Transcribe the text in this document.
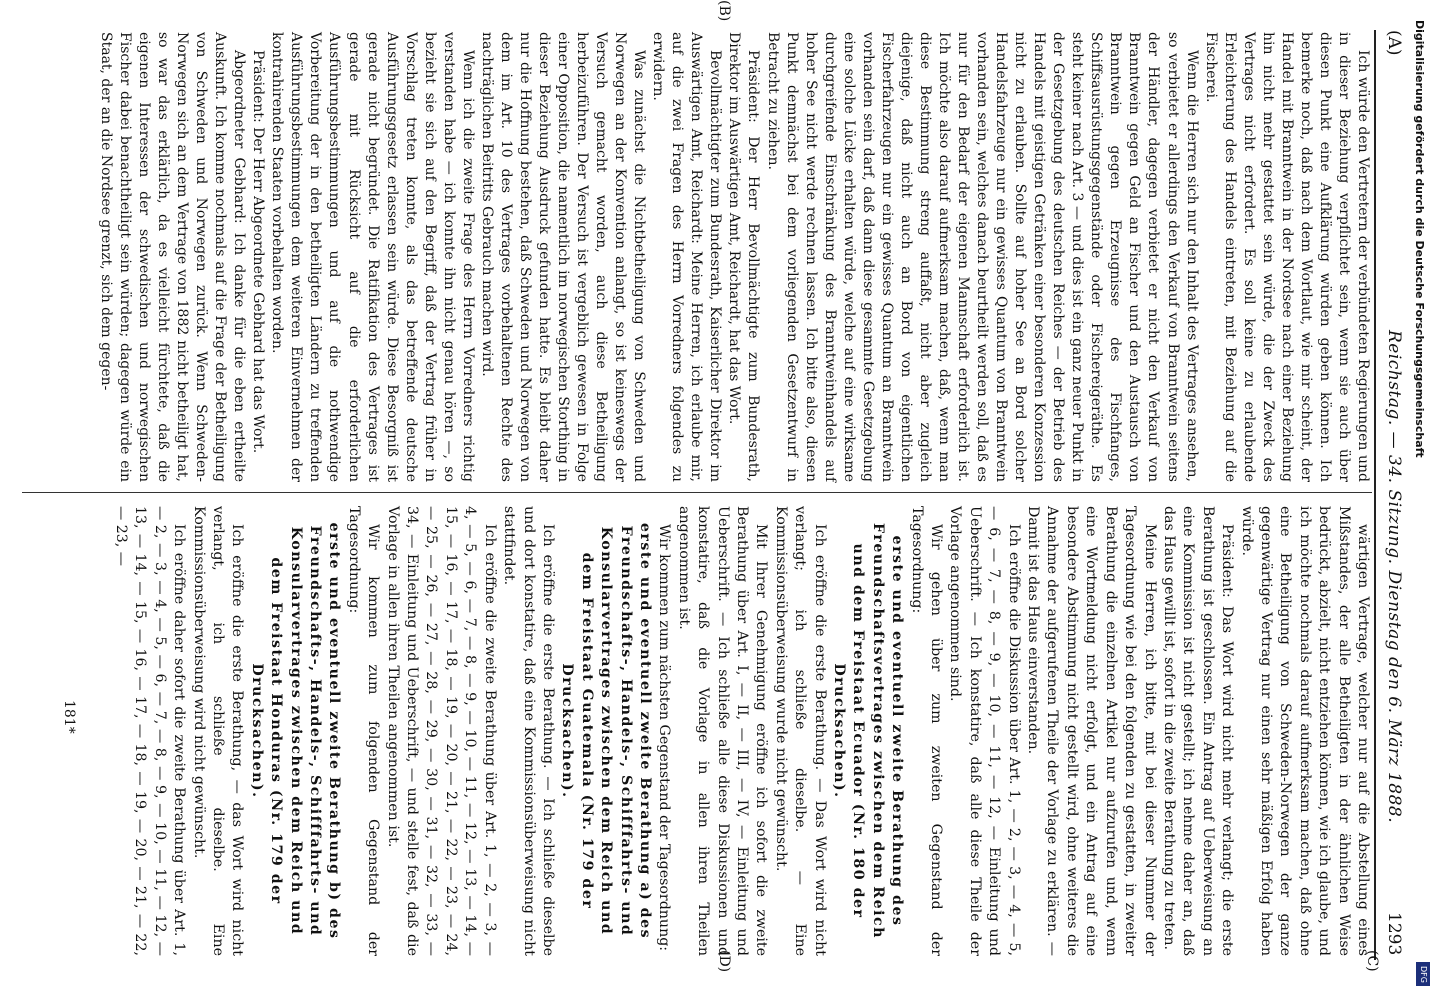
(A)
Reichstag. — 34. Sitzung. Dienstag den 6. März 1888.
1293
(B)
(C)
(D)

Ich würde den Vertretern der verbündeten Regierungen und in dieser Beziehung verpflichtet sein, wenn sie auch über diesen Punkt eine Aufklärung würden geben können. Ich bemerke noch, daß nach dem Wortlaut, wie mir scheint, der Handel mit Branntwein in der Nordsee nach einer Beziehung hin nicht mehr gestattet sein würde, die der Zweck des Vertrages nicht erfordert. Es soll keine zu erlaubende Erleichterung des Handels eintreten, mit Beziehung auf die Fischerei.

Wenn die Herren sich nur den Inhalt des Vertrages ansehen, so verbietet er allerdings den Verkauf von Branntwein seitens der Händler, dagegen verbietet er nicht den Verkauf von Branntwein gegen Geld an Fischer und den Austausch von Branntwein gegen Erzeugnisse des Fischfanges, Schiffsausrüstungsgegenstände oder Fischereigeräthe. Es steht keiner nach Art. 3 — und dies ist ein ganz neuer Punkt in der Gesetzgebung des deutschen Reiches — der Betrieb des Handels mit geistigen Getränken einer besonderen Konzession nicht zu erlauben. Sollte auf hoher See an Bord solcher Handelsfahrzeuge nur ein gewisses Quantum von Branntwein vorhanden sein, welches danach beurtheilt werden soll, daß es nur für den Bedarf der eigenen Mannschaft erforderlich ist. Ich möchte also darauf aufmerksam machen, daß, wenn man diese Bestimmung streng auffaßt, nicht aber zugleich diejenige, daß nicht auch an Bord von eigentlichen Fischerfahrzeugen nur ein gewisses Quantum an Branntwein vorhanden sein darf, daß dann diese gesammte Gesetzgebung eine solche Lücke erhalten würde, welche auf eine wirksame durchgreifende Einschränkung des Branntweinhandels auf hoher See nicht werde rechnen lassen. Ich bitte also, diesen Punkt demnächst bei dem vorliegenden Gesetzentwurf in Betracht zu ziehen.

Präsident: Der Herr Bevollmächtigte zum Bundesrath, Direktor im Auswärtigen Amt, Reichardt, hat das Wort.

Bevollmächtigter zum Bundesrath, Kaiserlicher Direktor im Auswärtigen Amt, Reichardt: Meine Herren, ich erlaube mir, auf die zwei Fragen des Herrn Vorredners folgendes zu erwidern.

Was zunächst die Nichtbetheiligung von Schweden und Norwegen an der Konvention anlangt, so ist keineswegs der Versuch gemacht worden, auch diese Betheiligung herbeizuführen. Der Versuch ist vergeblich gewesen in Folge einer Opposition, die namentlich im norwegischen Storthing in dieser Beziehung Ausdruck gefunden hatte. Es bleibt daher nur die Hoffnung bestehen, daß Schweden und Norwegen von dem im Art. 10 des Vertrages vorbehaltenen Rechte des nachträglichen Beitritts Gebrauch machen wird.

Wenn ich die zweite Frage des Herrn Vorredners richtig verstanden habe — ich konnte ihn nicht genau hören —, so bezieht sie sich auf den Begriff, daß der Vertrag früher in Vorschlag treten konnte, als das betreffende deutsche Ausführungsgesetz erlassen sein würde. Diese Besorgniß ist gerade nicht begründet. Die Ratifikation des Vertrages ist gerade mit Rücksicht auf die erforderlichen Ausführungsbestimmungen und auf die nothwendige Vorbereitung der in den betheiligten Ländern zu treffenden Ausführungsbestimmungen dem weiteren Einvernehmen der kontrahirenden Staaten vorbehalten worden.

Präsident: Der Herr Abgeordnete Gebhard hat das Wort.

Abgeordneter Gebhard: Ich danke für die eben ertheilte Auskunft. Ich komme nochmals auf die Frage der Betheiligung von Schweden und Norwegen zurück. Wenn Schweden-Norwegen sich an dem Vertrage von 1882 nicht betheiligt hat, so war das erklärlich, da es vielleicht fürchtete, daß die eigenen Interessen der schwedischen und norwegischen Fischer dabei benachtheiligt sein würden; dagegen würde ein Staat, der an die Nordsee grenzt, sich dem gegen-

wärtigen Vertrage, welcher nur auf die Abstellung eines Mißstandes, der alle Betheiligten in der ähnlichen Weise bedrückt, abzielt, nicht entziehen können, wie ich glaube, und ich möchte nochmals darauf aufmerksam machen, daß ohne eine Betheiligung von Schweden-Norwegen der ganze gegenwärtige Vertrag nur einen sehr mäßigen Erfolg haben würde.

Präsident: Das Wort wird nicht mehr verlangt; die erste Berathung ist geschlossen. Ein Antrag auf Ueberweisung an eine Kommission ist nicht gestellt; ich nehme daher an, daß das Haus gewillt ist, sofort in die zweite Berathung zu treten.

Meine Herren, ich bitte, mit bei dieser Nummer der Tagesordnung wie bei den folgenden zu gestatten, in zweiter Berathung die einzelnen Artikel nur aufzurufen und, wenn eine Wortmeldung nicht erfolgt, und ein Antrag auf eine besondere Abstimmung nicht gestellt wird, ohne weiteres die Annahme der aufgerufenen Theile der Vorlage zu erklären. — Damit ist das Haus einverstanden.

Ich eröffne die Diskussion über Art. 1, — 2, — 3, — 4, — 5, — 6, — 7, — 8, — 9, — 10, — 11, — 12, — Einleitung und Ueberschrift. — Ich konstatire, daß alle diese Theile der Vorlage angenommen sind.

Wir gehen über zum zweiten Gegenstand der Tagesordnung:

erste und eventuell zweite Berathung des Freundschaftsvertrages zwischen dem Reich und dem Freistaat Ecuador (Nr. 180 der Drucksachen).

Ich eröffne die erste Berathung. — Das Wort wird nicht verlangt; ich schließe dieselbe. — Eine Kommissionsüberweisung wurde nicht gewünscht.

Mit Ihrer Genehmigung eröffne ich sofort die zweite Berathung über Art. I, — II, — III, — IV, — Einleitung und Ueberschrift. — Ich schließe alle diese Diskussionen und konstatire, daß die Vorlage in allen ihren Theilen angenommen ist.

Wir kommen zum nächsten Gegenstand der Tagesordnung:

erste und eventuell zweite Berathung a) des Freundschafts-, Handels-, Schifffahrts- und Konsularvertrages zwischen dem Reich und dem Freistaat Guatemala (Nr. 179 der Drucksachen).

Ich eröffne die erste Berathung. — Ich schließe dieselbe und dort konstatire, daß eine Kommissionsüberweisung nicht stattfindet.

Ich eröffne die zweite Berathung über Art. 1, — 2, — 3, — 4, — 5, — 6, — 7, — 8, — 9, — 10, — 11, — 12, — 13, — 14, — 15, — 16, — 17, — 18, — 19, — 20, — 21, — 22, — 23, — 24, — 25, — 26, — 27, — 28, — 29, — 30, — 31, — 32, — 33, — 34, — Einleitung und Ueberschrift, — und stelle fest, daß die Vorlage in allen ihren Theilen angenommen ist.

Wir kommen zum folgenden Gegenstand der Tagesordnung:

erste und eventuell zweite Berathung b) des Freundschafts-, Handels-, Schifffahrts- und Konsularvertrages zwischen dem Reich und dem Freistaat Honduras (Nr. 179 der Drucksachen).

Ich eröffne die erste Berathung, — das Wort wird nicht verlangt, ich schließe dieselbe. Eine Kommissionsüberweisung wird nicht gewünscht.

Ich eröffne daher sofort die zweite Berathung über Art. 1, — 2, — 3, — 4, — 5, — 6, — 7, — 8, — 9, — 10, — 11, — 12, — 13, — 14, — 15, — 16, — 17, — 18, — 19, — 20, — 21, — 22, — 23, —

181*
Digitalisierung gefördert durch die Deutsche Forschungsgemeinschaft
DFG
